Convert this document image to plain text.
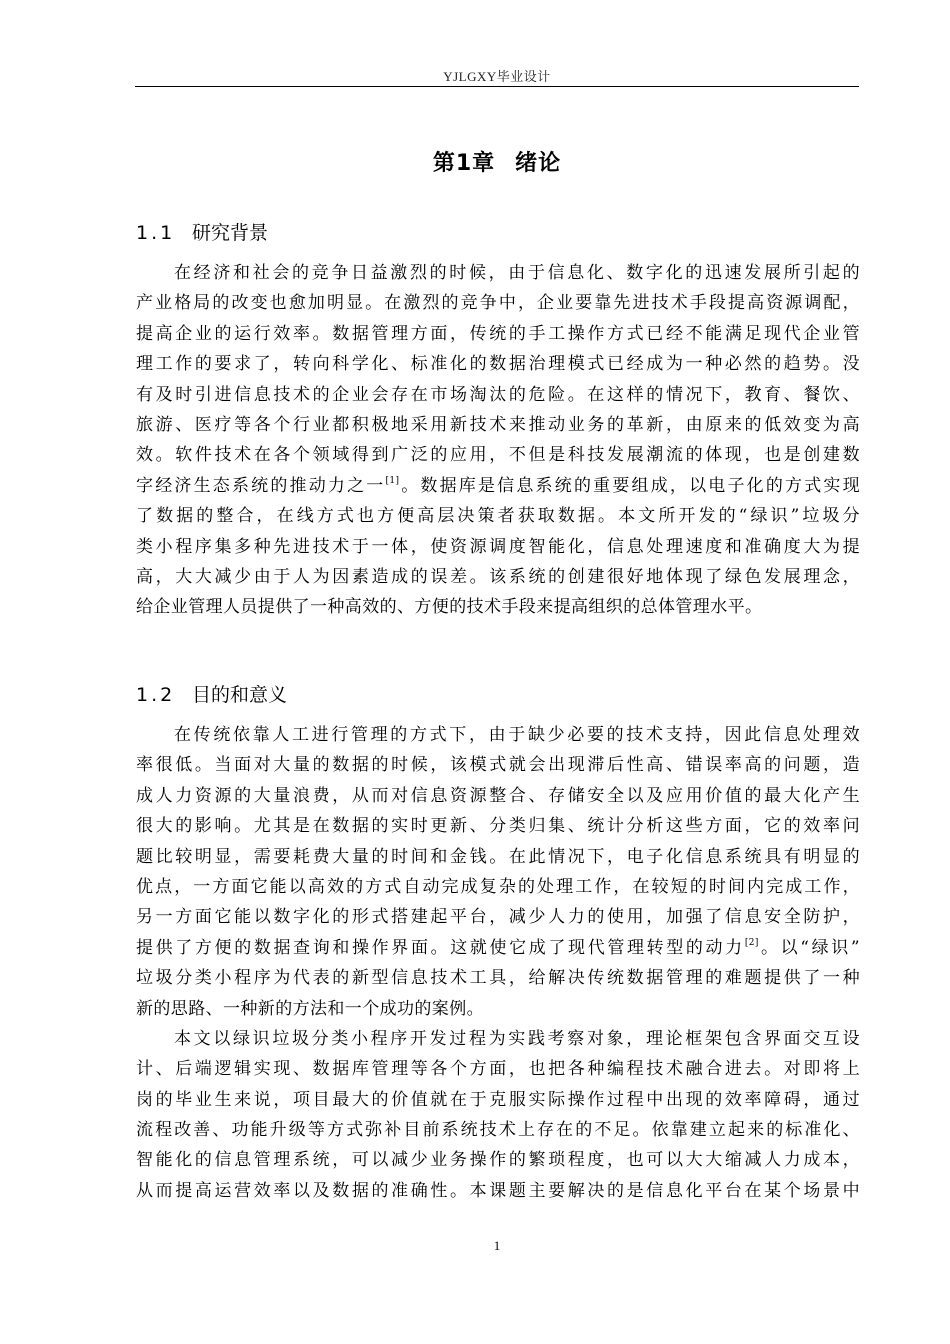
YJLGXY毕业设计
第1章 绪论
1.1 研究背景
在经济和社会的竞争日益激烈的时候，由于信息化、数字化的迅速发展所引起的
产业格局的改变也愈加明显。在激烈的竞争中，企业要靠先进技术手段提高资源调配，
提高企业的运行效率。数据管理方面，传统的手工操作方式已经不能满足现代企业管
理工作的要求了，转向科学化、标准化的数据治理模式已经成为一种必然的趋势。没
有及时引进信息技术的企业会存在市场淘汰的危险。在这样的情况下，教育、餐饮、
旅游、医疗等各个行业都积极地采用新技术来推动业务的革新，由原来的低效变为高
效。软件技术在各个领域得到广泛的应用，不但是科技发展潮流的体现，也是创建数
字经济生态系统的推动力之一[1]。数据库是信息系统的重要组成，以电子化的方式实现
了数据的整合，在线方式也方便高层决策者获取数据。本文所开发的“绿识”垃圾分
类小程序集多种先进技术于一体，使资源调度智能化，信息处理速度和准确度大为提
高，大大减少由于人为因素造成的误差。该系统的创建很好地体现了绿色发展理念，
给企业管理人员提供了一种高效的、方便的技术手段来提高组织的总体管理水平。
1.2 目的和意义
在传统依靠人工进行管理的方式下，由于缺少必要的技术支持，因此信息处理效
率很低。当面对大量的数据的时候，该模式就会出现滞后性高、错误率高的问题，造
成人力资源的大量浪费，从而对信息资源整合、存储安全以及应用价值的最大化产生
很大的影响。尤其是在数据的实时更新、分类归集、统计分析这些方面，它的效率问
题比较明显，需要耗费大量的时间和金钱。在此情况下，电子化信息系统具有明显的
优点，一方面它能以高效的方式自动完成复杂的处理工作，在较短的时间内完成工作，
另一方面它能以数字化的形式搭建起平台，减少人力的使用，加强了信息安全防护，
提供了方便的数据查询和操作界面。这就使它成了现代管理转型的动力[2]。以“绿识”
垃圾分类小程序为代表的新型信息技术工具，给解决传统数据管理的难题提供了一种
新的思路、一种新的方法和一个成功的案例。
本文以绿识垃圾分类小程序开发过程为实践考察对象，理论框架包含界面交互设
计、后端逻辑实现、数据库管理等各个方面，也把各种编程技术融合进去。对即将上
岗的毕业生来说，项目最大的价值就在于克服实际操作过程中出现的效率障碍，通过
流程改善、功能升级等方式弥补目前系统技术上存在的不足。依靠建立起来的标准化、
智能化的信息管理系统，可以减少业务操作的繁琐程度，也可以大大缩减人力成本，
从而提高运营效率以及数据的准确性。本课题主要解决的是信息化平台在某个场景中
1
